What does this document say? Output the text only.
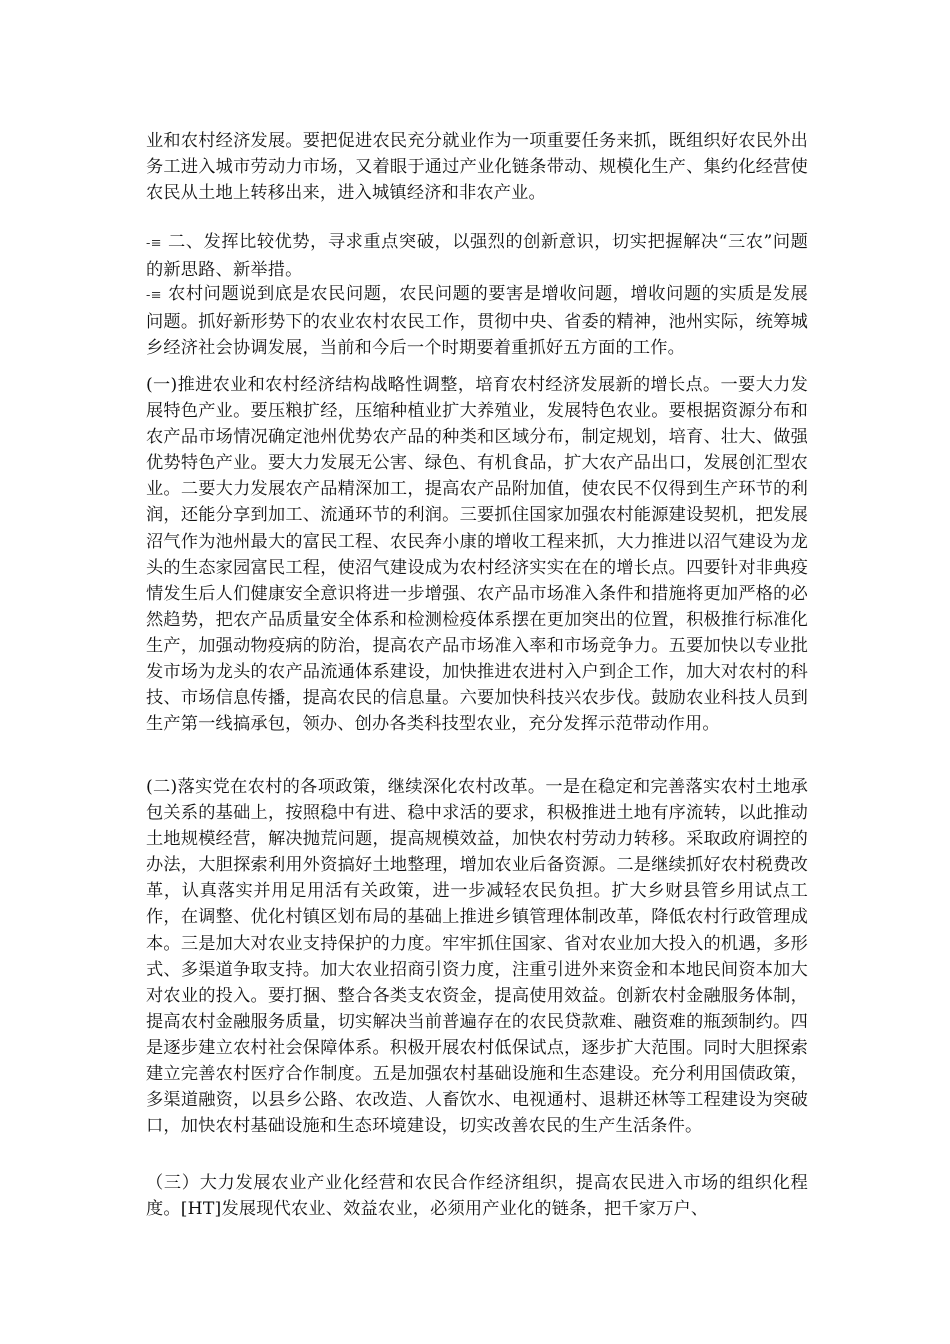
业和农村经济发展。要把促进农民充分就业作为一项重要任务来抓，既组织好农民外出务工进入城市劳动力市场，又着眼于通过产业化链条带动、规模化生产、集约化经营使农民从土地上转移出来，进入城镇经济和非农产业。

-≡ 二、发挥比较优势，寻求重点突破，以强烈的创新意识，切实把握解决“三农”问题的新思路、新举措。

-≡ 农村问题说到底是农民问题，农民问题的要害是增收问题，增收问题的实质是发展问题。抓好新形势下的农业农村农民工作，贯彻中央、省委的精神，池州实际，统筹城乡经济社会协调发展，当前和今后一个时期要着重抓好五方面的工作。

(一)推进农业和农村经济结构战略性调整，培育农村经济发展新的增长点。一要大力发展特色产业。要压粮扩经，压缩种植业扩大养殖业，发展特色农业。要根据资源分布和农产品市场情况确定池州优势农产品的种类和区域分布，制定规划，培育、壮大、做强优势特色产业。要大力发展无公害、绿色、有机食品，扩大农产品出口，发展创汇型农业。二要大力发展农产品精深加工，提高农产品附加值，使农民不仅得到生产环节的利润，还能分享到加工、流通环节的利润。三要抓住国家加强农村能源建设契机，把发展沼气作为池州最大的富民工程、农民奔小康的增收工程来抓，大力推进以沼气建设为龙头的生态家园富民工程，使沼气建设成为农村经济实实在在的增长点。四要针对非典疫情发生后人们健康安全意识将进一步增强、农产品市场准入条件和措施将更加严格的必然趋势，把农产品质量安全体系和检测检疫体系摆在更加突出的位置，积极推行标准化生产，加强动物疫病的防治，提高农产品市场准入率和市场竞争力。五要加快以专业批发市场为龙头的农产品流通体系建设，加快推进农进村入户到企工作，加大对农村的科技、市场信息传播，提高农民的信息量。六要加快科技兴农步伐。鼓励农业科技人员到生产第一线搞承包，领办、创办各类科技型农业，充分发挥示范带动作用。

(二)落实党在农村的各项政策，继续深化农村改革。一是在稳定和完善落实农村土地承包关系的基础上，按照稳中有进、稳中求活的要求，积极推进土地有序流转，以此推动土地规模经营，解决抛荒问题，提高规模效益，加快农村劳动力转移。采取政府调控的办法，大胆探索利用外资搞好土地整理，增加农业后备资源。二是继续抓好农村税费改革，认真落实并用足用活有关政策，进一步减轻农民负担。扩大乡财县管乡用试点工作，在调整、优化村镇区划布局的基础上推进乡镇管理体制改革，降低农村行政管理成本。三是加大对农业支持保护的力度。牢牢抓住国家、省对农业加大投入的机遇，多形式、多渠道争取支持。加大农业招商引资力度，注重引进外来资金和本地民间资本加大对农业的投入。要打捆、整合各类支农资金，提高使用效益。创新农村金融服务体制，提高农村金融服务质量，切实解决当前普遍存在的农民贷款难、融资难的瓶颈制约。四是逐步建立农村社会保障体系。积极开展农村低保试点，逐步扩大范围。同时大胆探索建立完善农村医疗合作制度。五是加强农村基础设施和生态建设。充分利用国债政策，多渠道融资，以县乡公路、农改造、人畜饮水、电视通村、退耕还林等工程建设为突破口，加快农村基础设施和生态环境建设，切实改善农民的生产生活条件。

（三）大力发展农业产业化经营和农民合作经济组织，提高农民进入市场的组织化程度。[HT]发展现代农业、效益农业，必须用产业化的链条，把千家万户、
